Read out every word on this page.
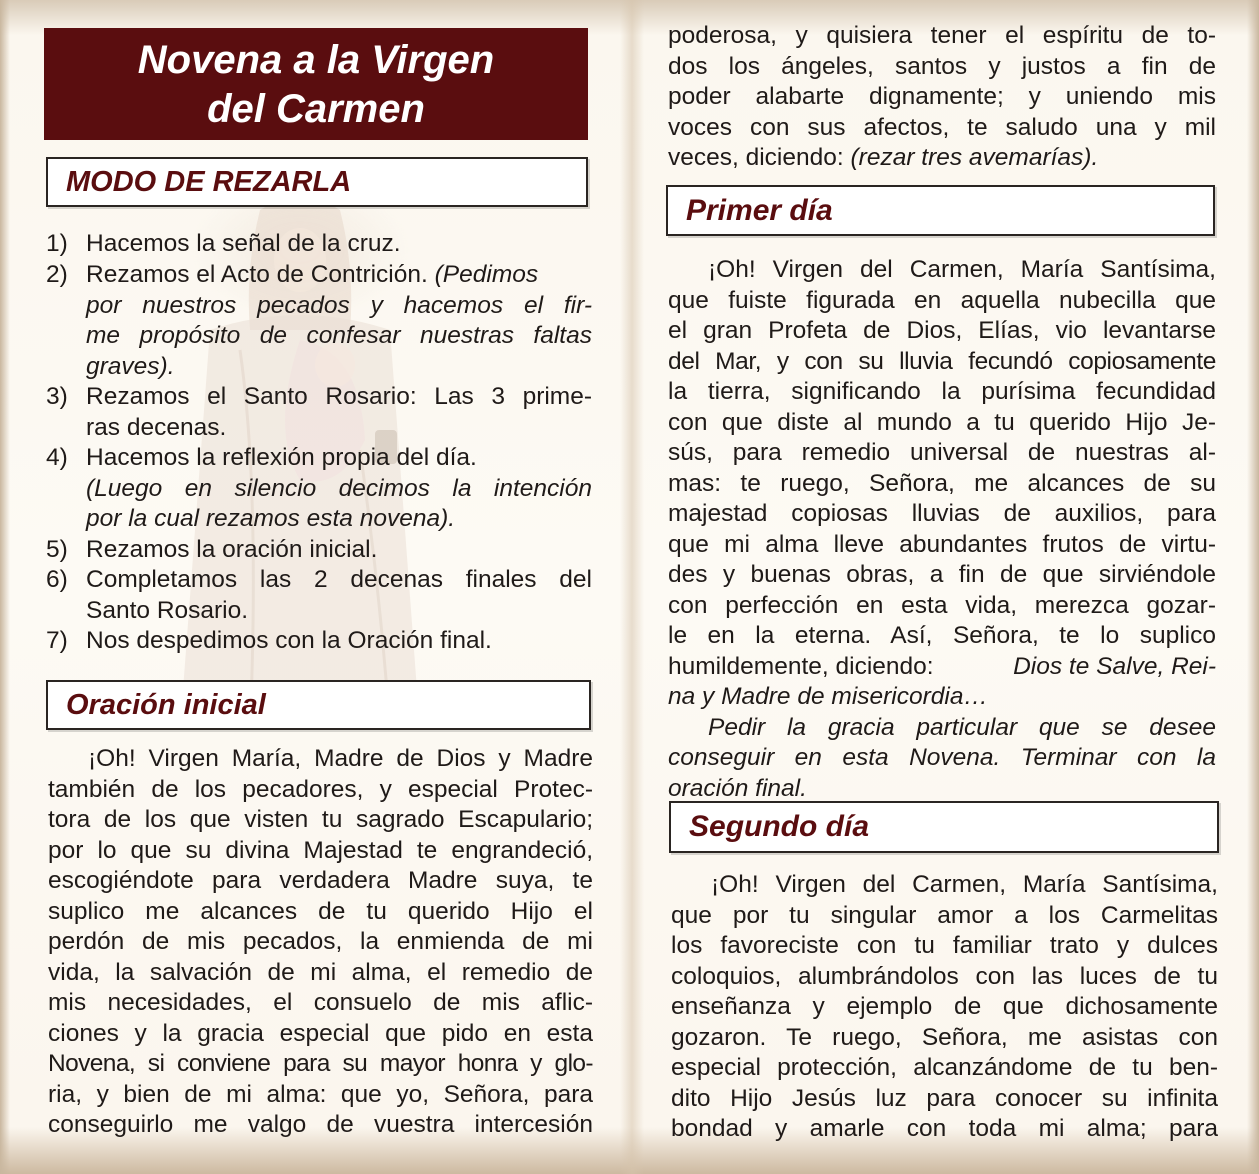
Novena a la Virgen
del Carmen
MODO DE REZARLA
1) Hacemos la señal de la cruz.
2) Rezamos el Acto de Contrición. (Pedimos
por nuestros pecados y hacemos el fir-
me propósito de confesar nuestras faltas
graves).
3) Rezamos el Santo Rosario: Las 3 prime-
ras decenas.
4) Hacemos la reflexión propia del día.
(Luego en silencio decimos la intención
por la cual rezamos esta novena).
5) Rezamos la oración inicial.
6) Completamos las 2 decenas finales del
Santo Rosario.
7) Nos despedimos con la Oración final.
Oración inicial
¡Oh! Virgen María, Madre de Dios y Madre
también de los pecadores, y especial Protec-
tora de los que visten tu sagrado Escapulario;
por lo que su divina Majestad te engrandeció,
escogiéndote para verdadera Madre suya, te
suplico me alcances de tu querido Hijo el
perdón de mis pecados, la enmienda de mi
vida, la salvación de mi alma, el remedio de
mis necesidades, el consuelo de mis aflic-
ciones y la gracia especial que pido en esta
Novena, si conviene para su mayor honra y glo-
ria, y bien de mi alma: que yo, Señora, para
conseguirlo me valgo de vuestra intercesión
poderosa, y quisiera tener el espíritu de to-
dos los ángeles, santos y justos a fin de
poder alabarte dignamente; y uniendo mis
voces con sus afectos, te saludo una y mil
veces, diciendo: (rezar tres avemarías).
Primer día
¡Oh! Virgen del Carmen, María Santísima,
que fuiste figurada en aquella nubecilla que
el gran Profeta de Dios, Elías, vio levantarse
del Mar, y con su lluvia fecundó copiosamente
la tierra, significando la purísima fecundidad
con que diste al mundo a tu querido Hijo Je-
sús, para remedio universal de nuestras al-
mas: te ruego, Señora, me alcances de su
majestad copiosas lluvias de auxilios, para
que mi alma lleve abundantes frutos de virtu-
des y buenas obras, a fin de que sirviéndole
con perfección en esta vida, merezca gozar-
le en la eterna. Así, Señora, te lo suplico
humildemente, diciendo:	Dios te Salve, Rei-
na y Madre de misericordia…
Pedir la gracia particular que se desee
conseguir en esta Novena. Terminar con la
oración final.
Segundo día
¡Oh! Virgen del Carmen, María Santísima,
que por tu singular amor a los Carmelitas
los favoreciste con tu familiar trato y dulces
coloquios, alumbrándolos con las luces de tu
enseñanza y ejemplo de que dichosamente
gozaron. Te ruego, Señora, me asistas con
especial protección, alcanzándome de tu ben-
dito Hijo Jesús luz para conocer su infinita
bondad y amarle con toda mi alma; para
